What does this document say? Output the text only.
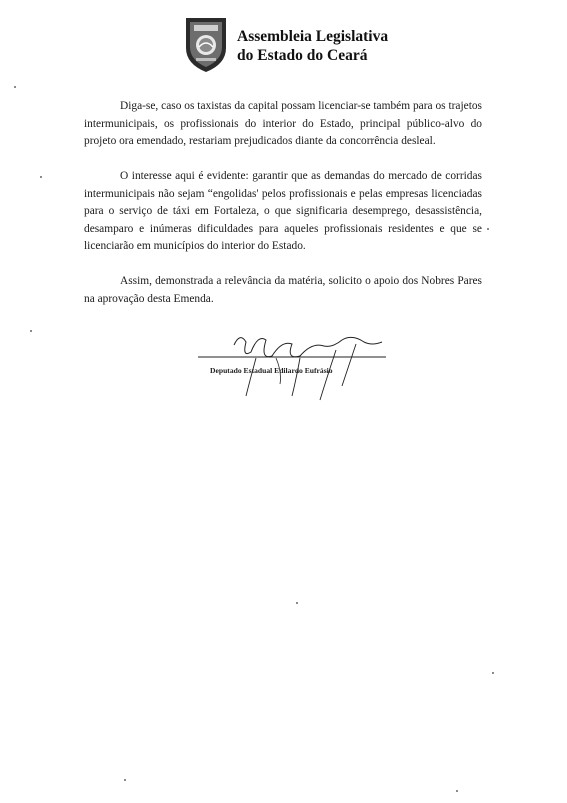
Assembleia Legislativa
do Estado do Ceará

Diga-se, caso os taxistas da capital possam licenciar-se também para os trajetos intermunicipais, os profissionais do interior do Estado, principal público-alvo do projeto ora emendado, restariam prejudicados diante da concorrência desleal.

O interesse aqui é evidente: garantir que as demandas do mercado de corridas intermunicipais não sejam “engolidas' pelos profissionais e pelas empresas licenciadas para o serviço de táxi em Fortaleza, o que significaria desemprego, desassistência, desamparo e inúmeras dificuldades para aqueles profissionais residentes e que se licenciarão em municípios do interior do Estado.

Assim, demonstrada a relevância da matéria, solicito o apoio dos Nobres Pares na aprovação desta Emenda.

Deputado Estadual Edilardo Eufrásio
